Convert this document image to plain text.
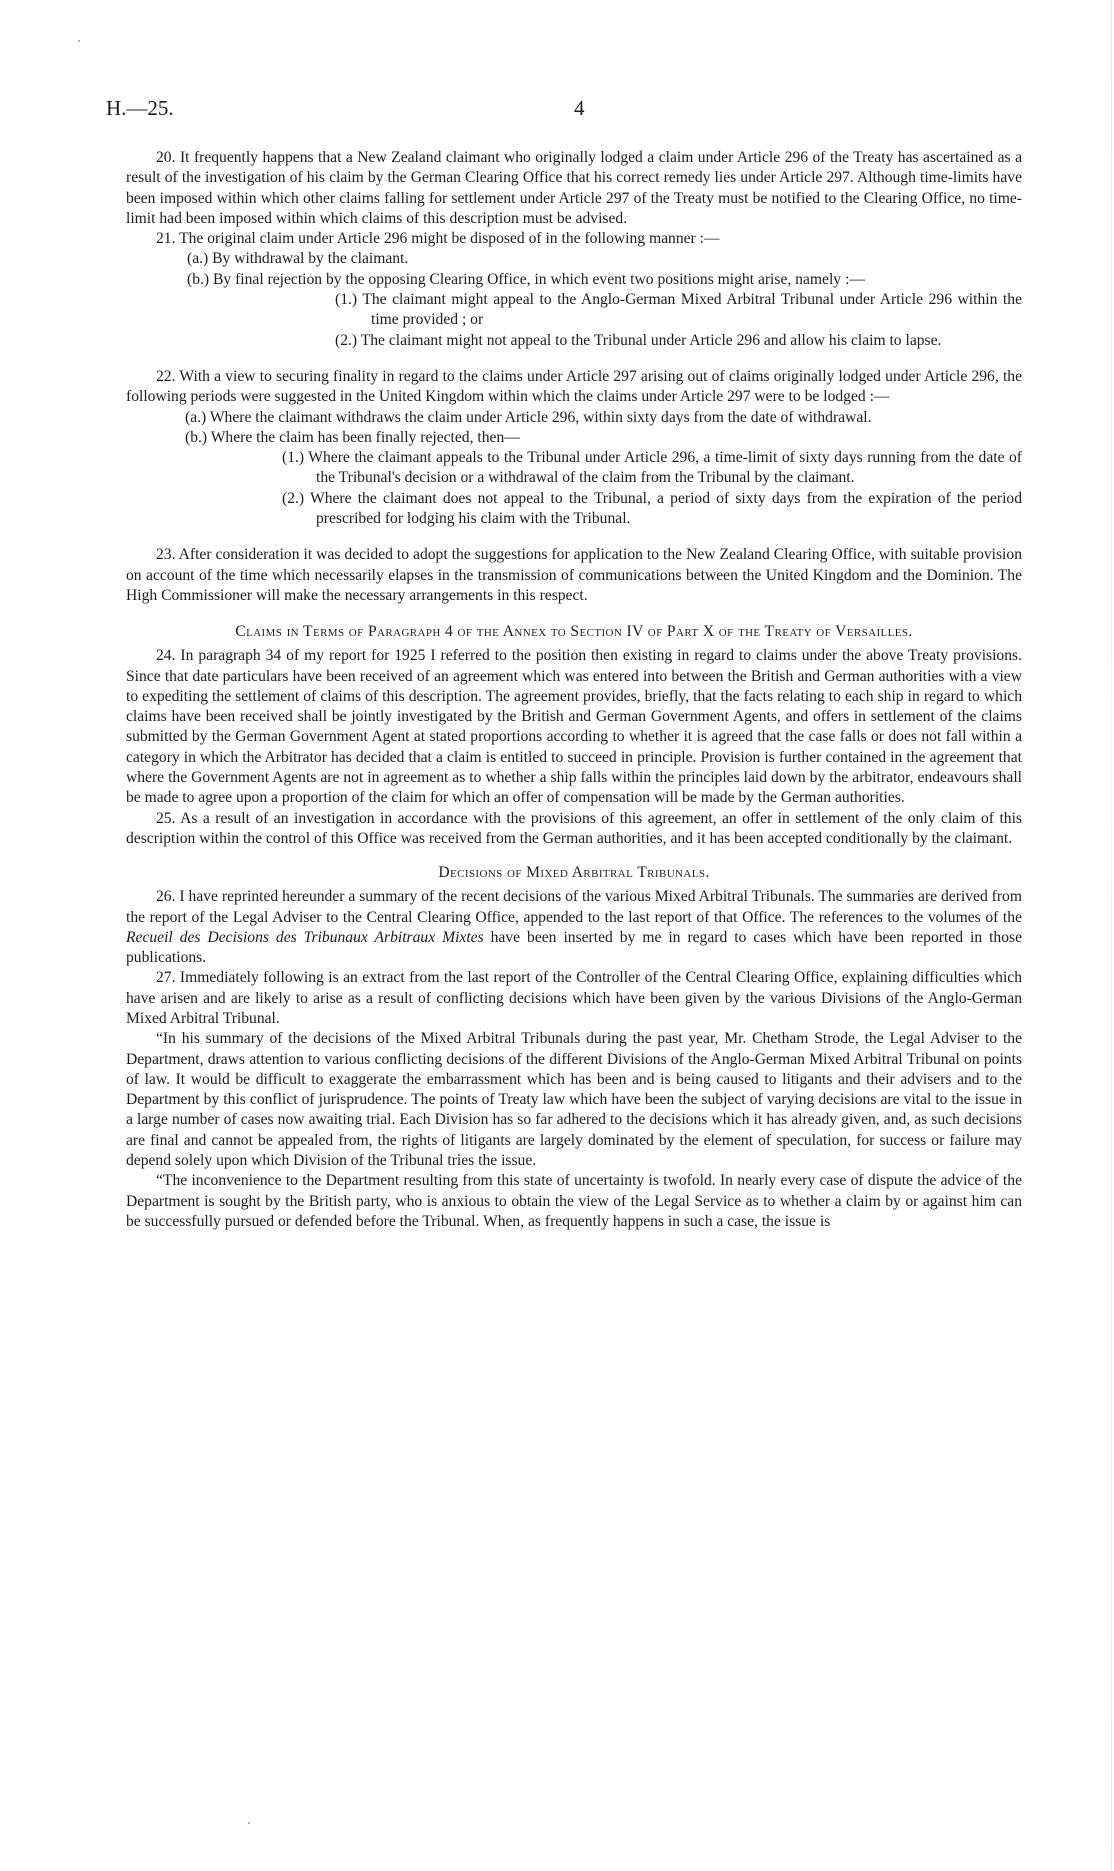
H.—25.	4

20. It frequently happens that a New Zealand claimant who originally lodged a claim under Article 296 of the Treaty has ascertained as a result of the investigation of his claim by the German Clearing Office that his correct remedy lies under Article 297. Although time-limits have been imposed within which other claims falling for settlement under Article 297 of the Treaty must be notified to the Clearing Office, no time-limit had been imposed within which claims of this description must be advised.

21. The original claim under Article 296 might be disposed of in the following manner :—

(a.) By withdrawal by the claimant.

(b.) By final rejection by the opposing Clearing Office, in which event two positions might arise, namely :—

(1.) The claimant might appeal to the Anglo-German Mixed Arbitral Tribunal under Article 296 within the time provided ; or

(2.) The claimant might not appeal to the Tribunal under Article 296 and allow his claim to lapse.

22. With a view to securing finality in regard to the claims under Article 297 arising out of claims originally lodged under Article 296, the following periods were suggested in the United Kingdom within which the claims under Article 297 were to be lodged :—

(a.) Where the claimant withdraws the claim under Article 296, within sixty days from the date of withdrawal.

(b.) Where the claim has been finally rejected, then—

(1.) Where the claimant appeals to the Tribunal under Article 296, a time-limit of sixty days running from the date of the Tribunal's decision or a withdrawal of the claim from the Tribunal by the claimant.

(2.) Where the claimant does not appeal to the Tribunal, a period of sixty days from the expiration of the period prescribed for lodging his claim with the Tribunal.

23. After consideration it was decided to adopt the suggestions for application to the New Zealand Clearing Office, with suitable provision on account of the time which necessarily elapses in the transmission of communications between the United Kingdom and the Dominion. The High Commissioner will make the necessary arrangements in this respect.

Claims in Terms of Paragraph 4 of the Annex to Section IV of Part X of the Treaty of Versailles.

24. In paragraph 34 of my report for 1925 I referred to the position then existing in regard to claims under the above Treaty provisions. Since that date particulars have been received of an agreement which was entered into between the British and German authorities with a view to expediting the settlement of claims of this description. The agreement provides, briefly, that the facts relating to each ship in regard to which claims have been received shall be jointly investigated by the British and German Government Agents, and offers in settlement of the claims submitted by the German Government Agent at stated proportions according to whether it is agreed that the case falls or does not fall within a category in which the Arbitrator has decided that a claim is entitled to succeed in principle. Provision is further contained in the agreement that where the Government Agents are not in agreement as to whether a ship falls within the principles laid down by the arbitrator, endeavours shall be made to agree upon a proportion of the claim for which an offer of compensation will be made by the German authorities.

25. As a result of an investigation in accordance with the provisions of this agreement, an offer in settlement of the only claim of this description within the control of this Office was received from the German authorities, and it has been accepted conditionally by the claimant.

Decisions of Mixed Arbitral Tribunals.

26. I have reprinted hereunder a summary of the recent decisions of the various Mixed Arbitral Tribunals. The summaries are derived from the report of the Legal Adviser to the Central Clearing Office, appended to the last report of that Office. The references to the volumes of the Recueil des Decisions des Tribunaux Arbitraux Mixtes have been inserted by me in regard to cases which have been reported in those publications.

27. Immediately following is an extract from the last report of the Controller of the Central Clearing Office, explaining difficulties which have arisen and are likely to arise as a result of conflicting decisions which have been given by the various Divisions of the Anglo-German Mixed Arbitral Tribunal.

“In his summary of the decisions of the Mixed Arbitral Tribunals during the past year, Mr. Chetham Strode, the Legal Adviser to the Department, draws attention to various conflicting decisions of the different Divisions of the Anglo-German Mixed Arbitral Tribunal on points of law. It would be difficult to exaggerate the embarrassment which has been and is being caused to litigants and their advisers and to the Department by this conflict of jurisprudence. The points of Treaty law which have been the subject of varying decisions are vital to the issue in a large number of cases now awaiting trial. Each Division has so far adhered to the decisions which it has already given, and, as such decisions are final and cannot be appealed from, the rights of litigants are largely dominated by the element of speculation, for success or failure may depend solely upon which Division of the Tribunal tries the issue.

“The inconvenience to the Department resulting from this state of uncertainty is twofold. In nearly every case of dispute the advice of the Department is sought by the British party, who is anxious to obtain the view of the Legal Service as to whether a claim by or against him can be successfully pursued or defended before the Tribunal. When, as frequently happens in such a case, the issue is
